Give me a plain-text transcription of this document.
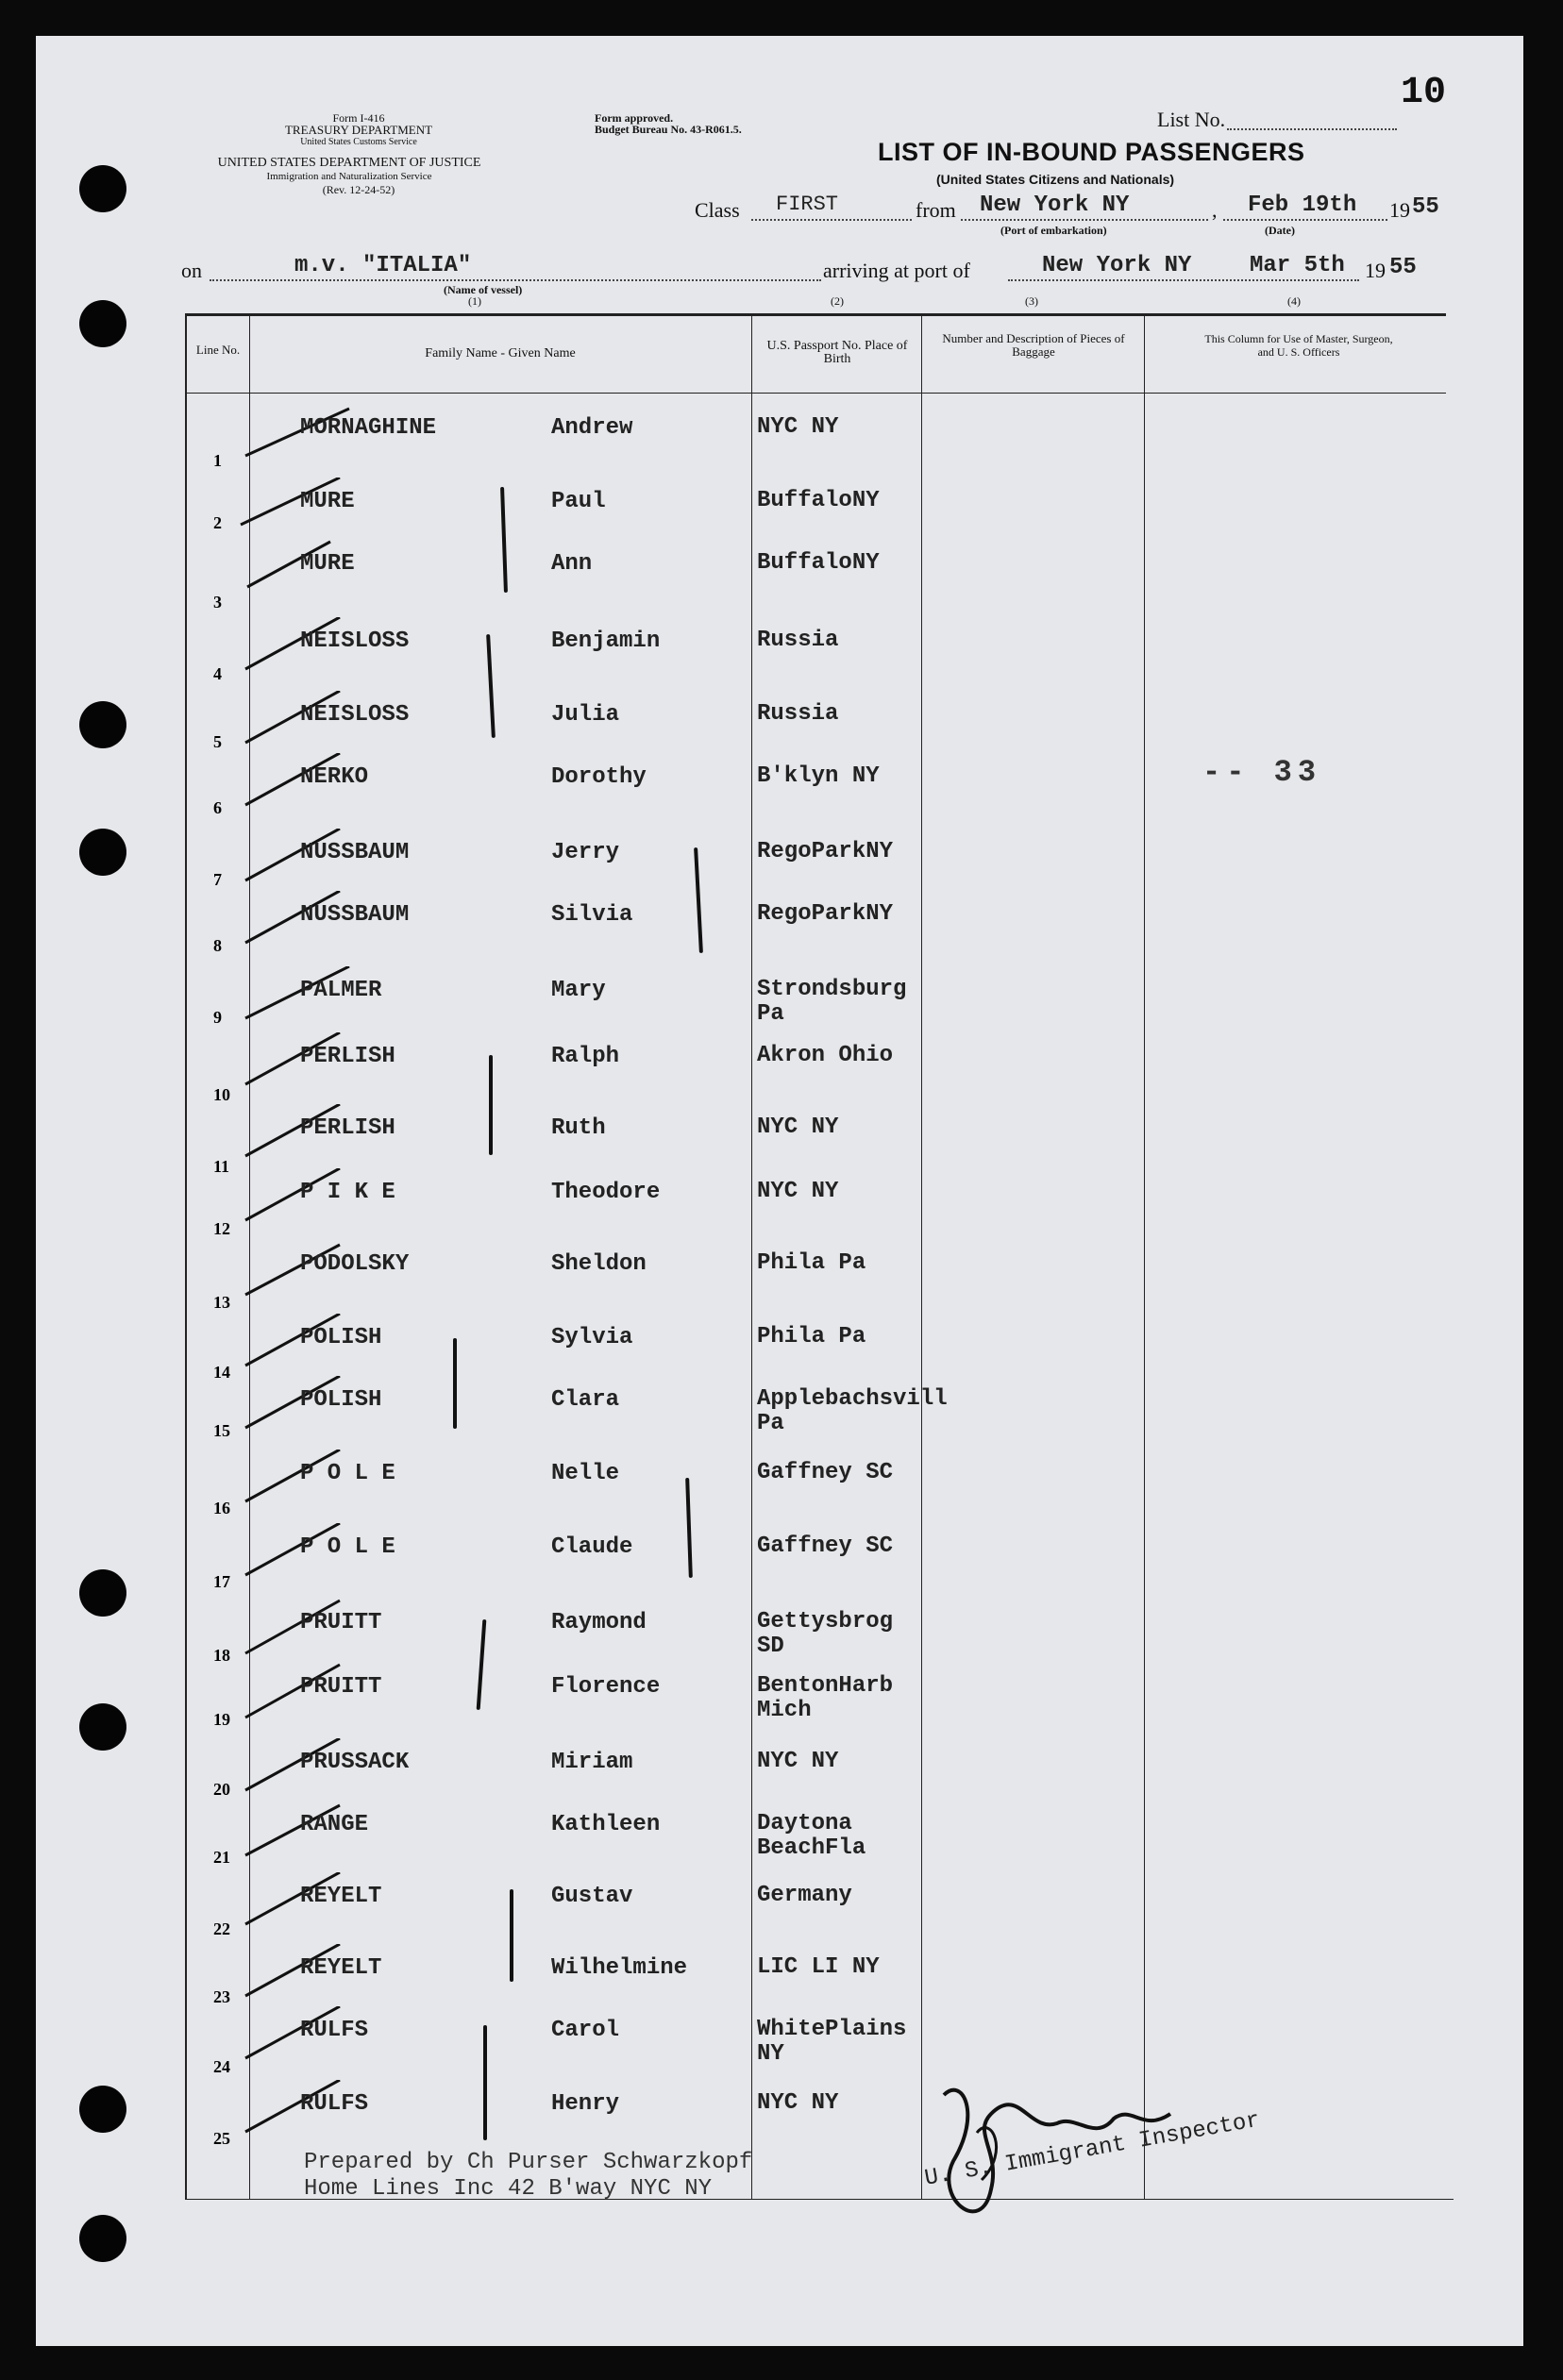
Form I-416
TREASURY DEPARTMENT
United States Customs Service
UNITED STATES DEPARTMENT OF JUSTICE
Immigration and Naturalization Service
(Rev. 12-24-52)
Form approved.
Budget Bureau No. 43-R061.5.	List No.
10
LIST OF IN-BOUND PASSENGERS
(United States Citizens and Nationals)
Class FIRST	from New York NY
(Port of embarkation)
, Feb 19th 19 55
(Date)
on	m.v. "ITALIA"
(Name of vessel)
(1)
arriving at port of	New York NY	Mar 5th 19 55
(2)	(3)	(4)
Line No.	Family Name - Given Name
U.S. Passport No. Place of Birth
Number and Description of Pieces of Baggage
This Column for Use of Master, Surgeon, and U. S. Officers
1
MORNAGHINE	Andrew	NYC NY
2
MURE	Paul	BuffaloNY
3
MURE	Ann	BuffaloNY
4
NEISLOSS	Benjamin	Russia
5
NEISLOSS	Julia	Russia
6
NERKO	Dorothy	B'klyn NY
7
NUSSBAUM	Jerry	RegoParkNY
8
NUSSBAUM	Silvia	RegoParkNY
9
PALMER	Mary	Strondsburg
Pa
10
PERLISH	Ralph	Akron Ohio
11
PERLISH	Ruth	NYC NY
12
P I K E	Theodore	NYC NY
13
PODOLSKY	Sheldon	Phila Pa
14
POLISH	Sylvia	Phila Pa
15
POLISH	Clara	Applebachsvill
Pa
16
P O L E	Nelle	Gaffney SC
17
P O L E	Claude	Gaffney SC
18
PRUITT	Raymond	Gettysbrog
SD
19
PRUITT	Florence	BentonHarb
Mich
20
PRUSSACK	Miriam	NYC NY
21
RANGE	Kathleen	Daytona
BeachFla
22
REYELT	Gustav	Germany
23
REYELT	Wilhelmine	LIC LI NY
24
RULFS	Carol	WhitePlains
NY
25
RULFS	Henry	NYC NY
-- 33
Prepared by Ch Purser Schwarzkopf
Home Lines Inc 42 B'way NYC NY	U. S. Immigrant Inspector
